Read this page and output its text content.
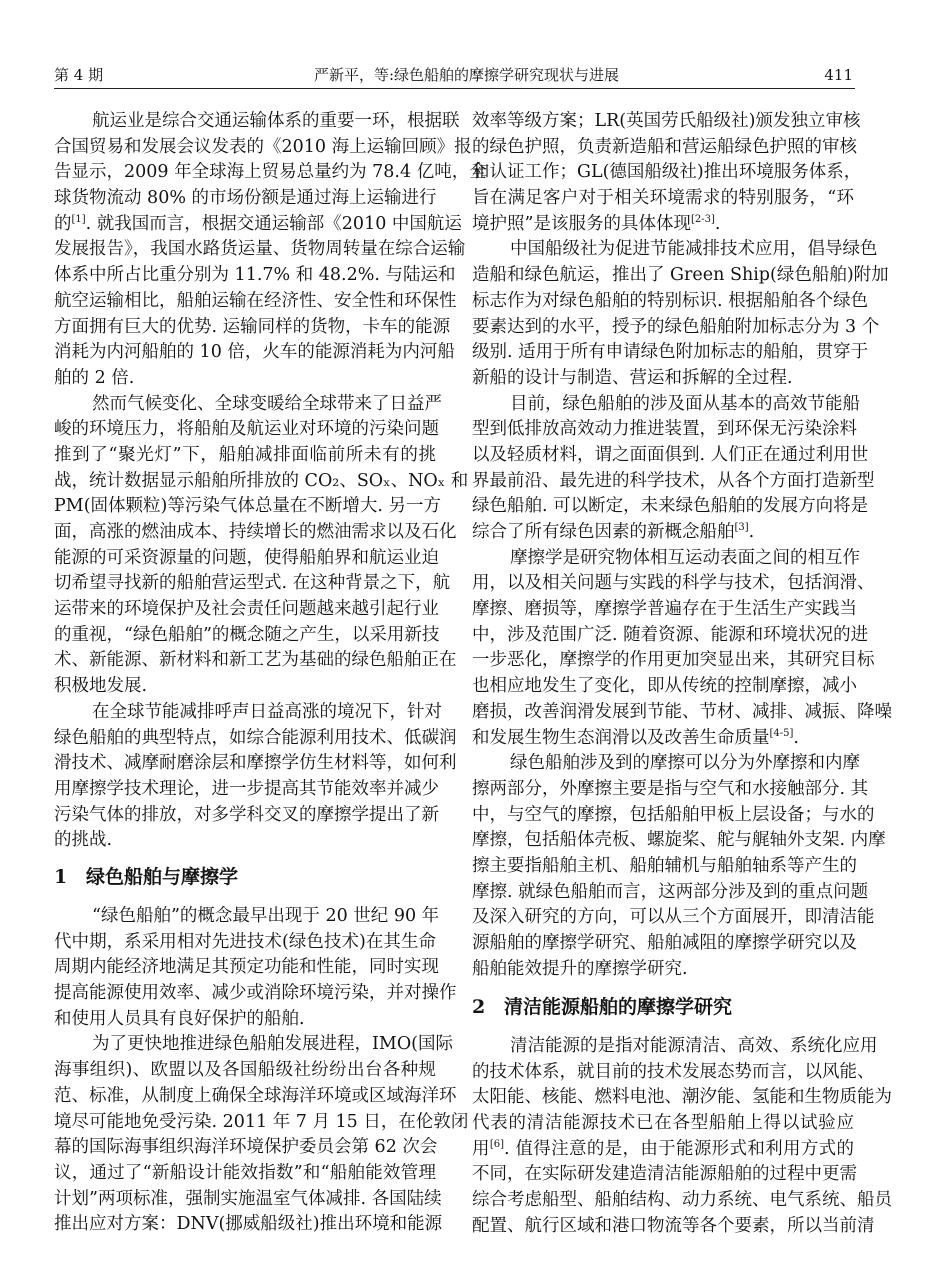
第 4 期	严新平，等:绿色船舶的摩擦学研究现状与进展	411
航运业是综合交通运输体系的重要一环，根据联
合国贸易和发展会议发表的《2010 海上运输回顾》报
告显示，2009 年全球海上贸易总量约为 78.4 亿吨，全
球货物流动 80% 的市场份额是通过海上运输进行
的[1]. 就我国而言，根据交通运输部《2010 中国航运
发展报告》，我国水路货运量、货物周转量在综合运输
体系中所占比重分别为 11.7% 和 48.2%. 与陆运和
航空运输相比，船舶运输在经济性、安全性和环保性
方面拥有巨大的优势. 运输同样的货物，卡车的能源
消耗为内河船舶的 10 倍，火车的能源消耗为内河船
舶的 2 倍.
然而气候变化、全球变暖给全球带来了日益严
峻的环境压力，将船舶及航运业对环境的污染问题
推到了“聚光灯”下，船舶减排面临前所未有的挑
战，统计数据显示船舶所排放的 CO₂、SOₓ、NOₓ 和
PM(固体颗粒)等污染气体总量在不断增大. 另一方
面，高涨的燃油成本、持续增长的燃油需求以及石化
能源的可采资源量的问题，使得船舶界和航运业迫
切希望寻找新的船舶营运型式. 在这种背景之下，航
运带来的环境保护及社会责任问题越来越引起行业
的重视，“绿色船舶”的概念随之产生，以采用新技
术、新能源、新材料和新工艺为基础的绿色船舶正在
积极地发展.
在全球节能减排呼声日益高涨的境况下，针对
绿色船舶的典型特点，如综合能源利用技术、低碳润
滑技术、减摩耐磨涂层和摩擦学仿生材料等，如何利
用摩擦学技术理论，进一步提高其节能效率并减少
污染气体的排放，对多学科交叉的摩擦学提出了新
的挑战.
1 绿色船舶与摩擦学
“绿色船舶”的概念最早出现于 20 世纪 90 年
代中期，系采用相对先进技术(绿色技术)在其生命
周期内能经济地满足其预定功能和性能，同时实现
提高能源使用效率、减少或消除环境污染，并对操作
和使用人员具有良好保护的船舶.
为了更快地推进绿色船舶发展进程，IMO(国际
海事组织)、欧盟以及各国船级社纷纷出台各种规
范、标准，从制度上确保全球海洋环境或区域海洋环
境尽可能地免受污染. 2011 年 7 月 15 日，在伦敦闭
幕的国际海事组织海洋环境保护委员会第 62 次会
议，通过了“新船设计能效指数”和“船舶能效管理
计划”两项标准，强制实施温室气体减排. 各国陆续
推出应对方案：DNV(挪威船级社)推出环境和能源
效率等级方案；LR(英国劳氏船级社)颁发独立审核
的绿色护照，负责新造船和营运船绿色护照的审核
和认证工作；GL(德国船级社)推出环境服务体系，
旨在满足客户对于相关环境需求的特别服务，“环
境护照”是该服务的具体体现[2-3].
中国船级社为促进节能减排技术应用，倡导绿色
造船和绿色航运，推出了 Green Ship(绿色船舶)附加
标志作为对绿色船舶的特别标识. 根据船舶各个绿色
要素达到的水平，授予的绿色船舶附加标志分为 3 个
级别. 适用于所有申请绿色附加标志的船舶，贯穿于
新船的设计与制造、营运和拆解的全过程.
目前，绿色船舶的涉及面从基本的高效节能船
型到低排放高效动力推进装置，到环保无污染涂料
以及轻质材料，谓之面面俱到. 人们正在通过利用世
界最前沿、最先进的科学技术，从各个方面打造新型
绿色船舶. 可以断定，未来绿色船舶的发展方向将是
综合了所有绿色因素的新概念船舶[3].
摩擦学是研究物体相互运动表面之间的相互作
用，以及相关问题与实践的科学与技术，包括润滑、
摩擦、磨损等，摩擦学普遍存在于生活生产实践当
中，涉及范围广泛. 随着资源、能源和环境状况的进
一步恶化，摩擦学的作用更加突显出来，其研究目标
也相应地发生了变化，即从传统的控制摩擦，减小
磨损，改善润滑发展到节能、节材、减排、减振、降噪
和发展生物生态润滑以及改善生命质量[4-5].
绿色船舶涉及到的摩擦可以分为外摩擦和内摩
擦两部分，外摩擦主要是指与空气和水接触部分. 其
中，与空气的摩擦，包括船舶甲板上层设备；与水的
摩擦，包括船体壳板、螺旋桨、舵与艉轴外支架. 内摩
擦主要指船舶主机、船舶辅机与船舶轴系等产生的
摩擦. 就绿色船舶而言，这两部分涉及到的重点问题
及深入研究的方向，可以从三个方面展开，即清洁能
源船舶的摩擦学研究、船舶减阻的摩擦学研究以及
船舶能效提升的摩擦学研究.
2 清洁能源船舶的摩擦学研究
清洁能源的是指对能源清洁、高效、系统化应用
的技术体系，就目前的技术发展态势而言，以风能、
太阳能、核能、燃料电池、潮汐能、氢能和生物质能为
代表的清洁能源技术已在各型船舶上得以试验应
用[6]. 值得注意的是，由于能源形式和利用方式的
不同，在实际研发建造清洁能源船舶的过程中更需
综合考虑船型、船舶结构、动力系统、电气系统、船员
配置、航行区域和港口物流等各个要素，所以当前清
